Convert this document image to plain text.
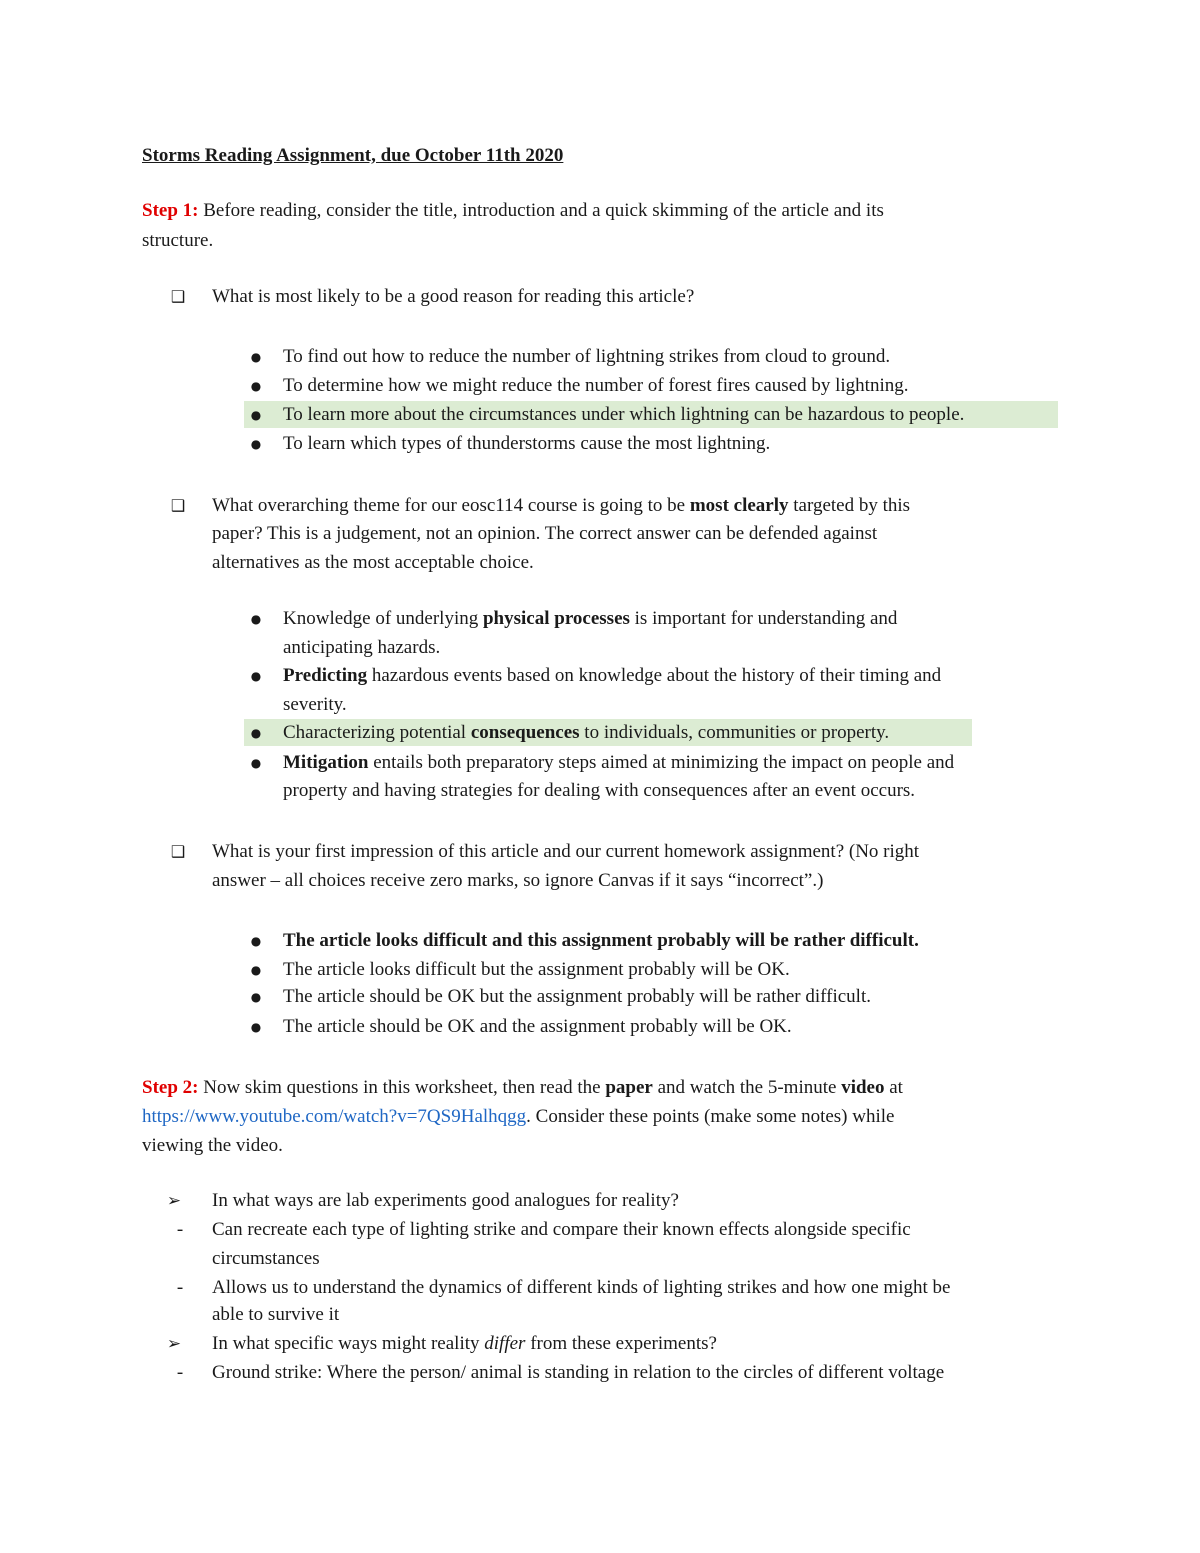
Storms Reading Assignment, due October 11th 2020
Step 1: Before reading, consider the title, introduction and a quick skimming of the article and its
structure.
❑ What is most likely to be a good reason for reading this article?
● To find out how to reduce the number of lightning strikes from cloud to ground.
● To determine how we might reduce the number of forest fires caused by lightning.
● To learn more about the circumstances under which lightning can be hazardous to people.
● To learn which types of thunderstorms cause the most lightning.
❑ What overarching theme for our eosc114 course is going to be most clearly targeted by this
paper? This is a judgement, not an opinion. The correct answer can be defended against
alternatives as the most acceptable choice.
● Knowledge of underlying physical processes is important for understanding and
anticipating hazards.
● Predicting hazardous events based on knowledge about the history of their timing and
severity.
● Characterizing potential consequences to individuals, communities or property.
● Mitigation entails both preparatory steps aimed at minimizing the impact on people and
property and having strategies for dealing with consequences after an event occurs.
❑ What is your first impression of this article and our current homework assignment? (No right
answer – all choices receive zero marks, so ignore Canvas if it says “incorrect”.)
● The article looks difficult and this assignment probably will be rather difficult.
● The article looks difficult but the assignment probably will be OK.
● The article should be OK but the assignment probably will be rather difficult.
● The article should be OK and the assignment probably will be OK.
Step 2: Now skim questions in this worksheet, then read the paper and watch the 5-minute video at
https://www.youtube.com/watch?v=7QS9Halhqgg. Consider these points (make some notes) while
viewing the video.
➢ In what ways are lab experiments good analogues for reality?
- Can recreate each type of lighting strike and compare their known effects alongside specific
circumstances
- Allows us to understand the dynamics of different kinds of lighting strikes and how one might be
able to survive it
➢ In what specific ways might reality differ from these experiments?
- Ground strike: Where the person/ animal is standing in relation to the circles of different voltage
